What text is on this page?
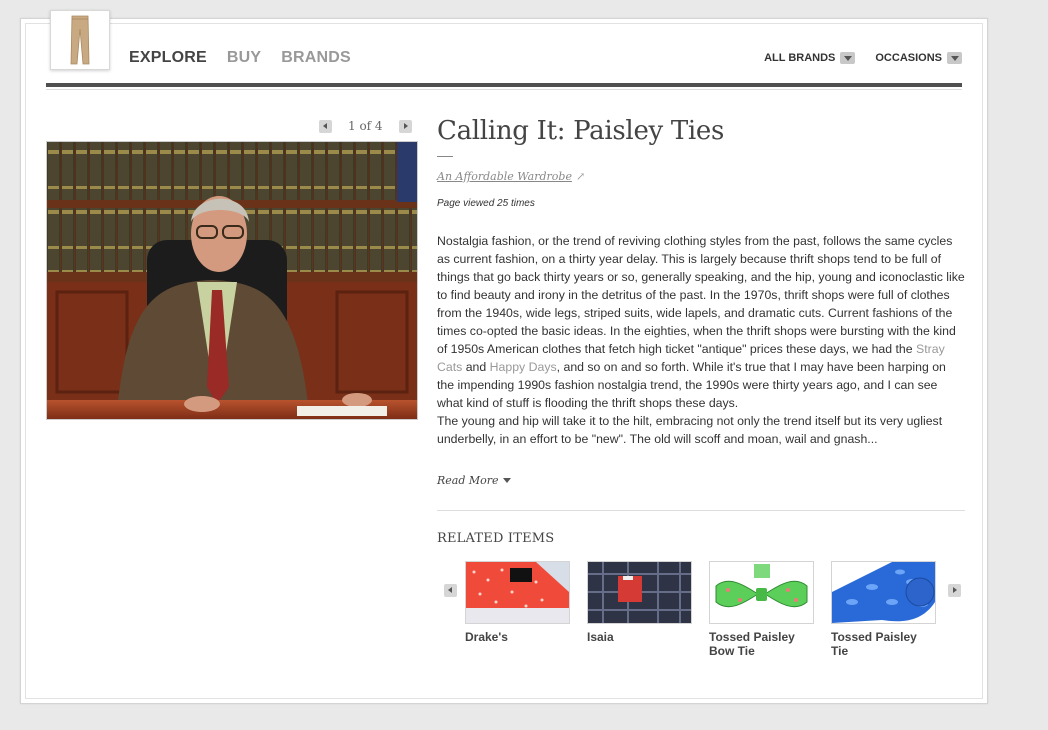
EXPLORE BUY BRANDS	ALL BRANDS	OCCASIONS
1 of 4	Calling It: Paisley Ties
An Affordable Wardrobe ↗
Page viewed 25 times

Nostalgia fashion, or the trend of reviving clothing styles from the past, follows the same cycles as current fashion, on a thirty year delay. This is largely because thrift shops tend to be full of things that go back thirty years or so, generally speaking, and the hip, young and iconoclastic like to find beauty and irony in the detritus of the past. In the 1970s, thrift shops were full of clothes from the 1940s, wide legs, striped suits, wide lapels, and dramatic cuts. Current fashions of the times co-opted the basic ideas. In the eighties, when the thrift shops were bursting with the kind of 1950s American clothes that fetch high ticket "antique" prices these days, we had the Stray Cats and Happy Days, and so on and so forth. While it's true that I may have been harping on the impending 1990s fashion nostalgia trend, the 1990s were thirty years ago, and I can see what kind of stuff is flooding the thrift shops these days.

The young and hip will take it to the hilt, embracing not only the trend itself but its very ugliest underbelly, in an effort to be "new". The old will scoff and moan, wail and gnash...

Read More
RELATED ITEMS
Drake's	Isaia	Tossed Paisley Bow Tie
Tossed Paisley Tie
